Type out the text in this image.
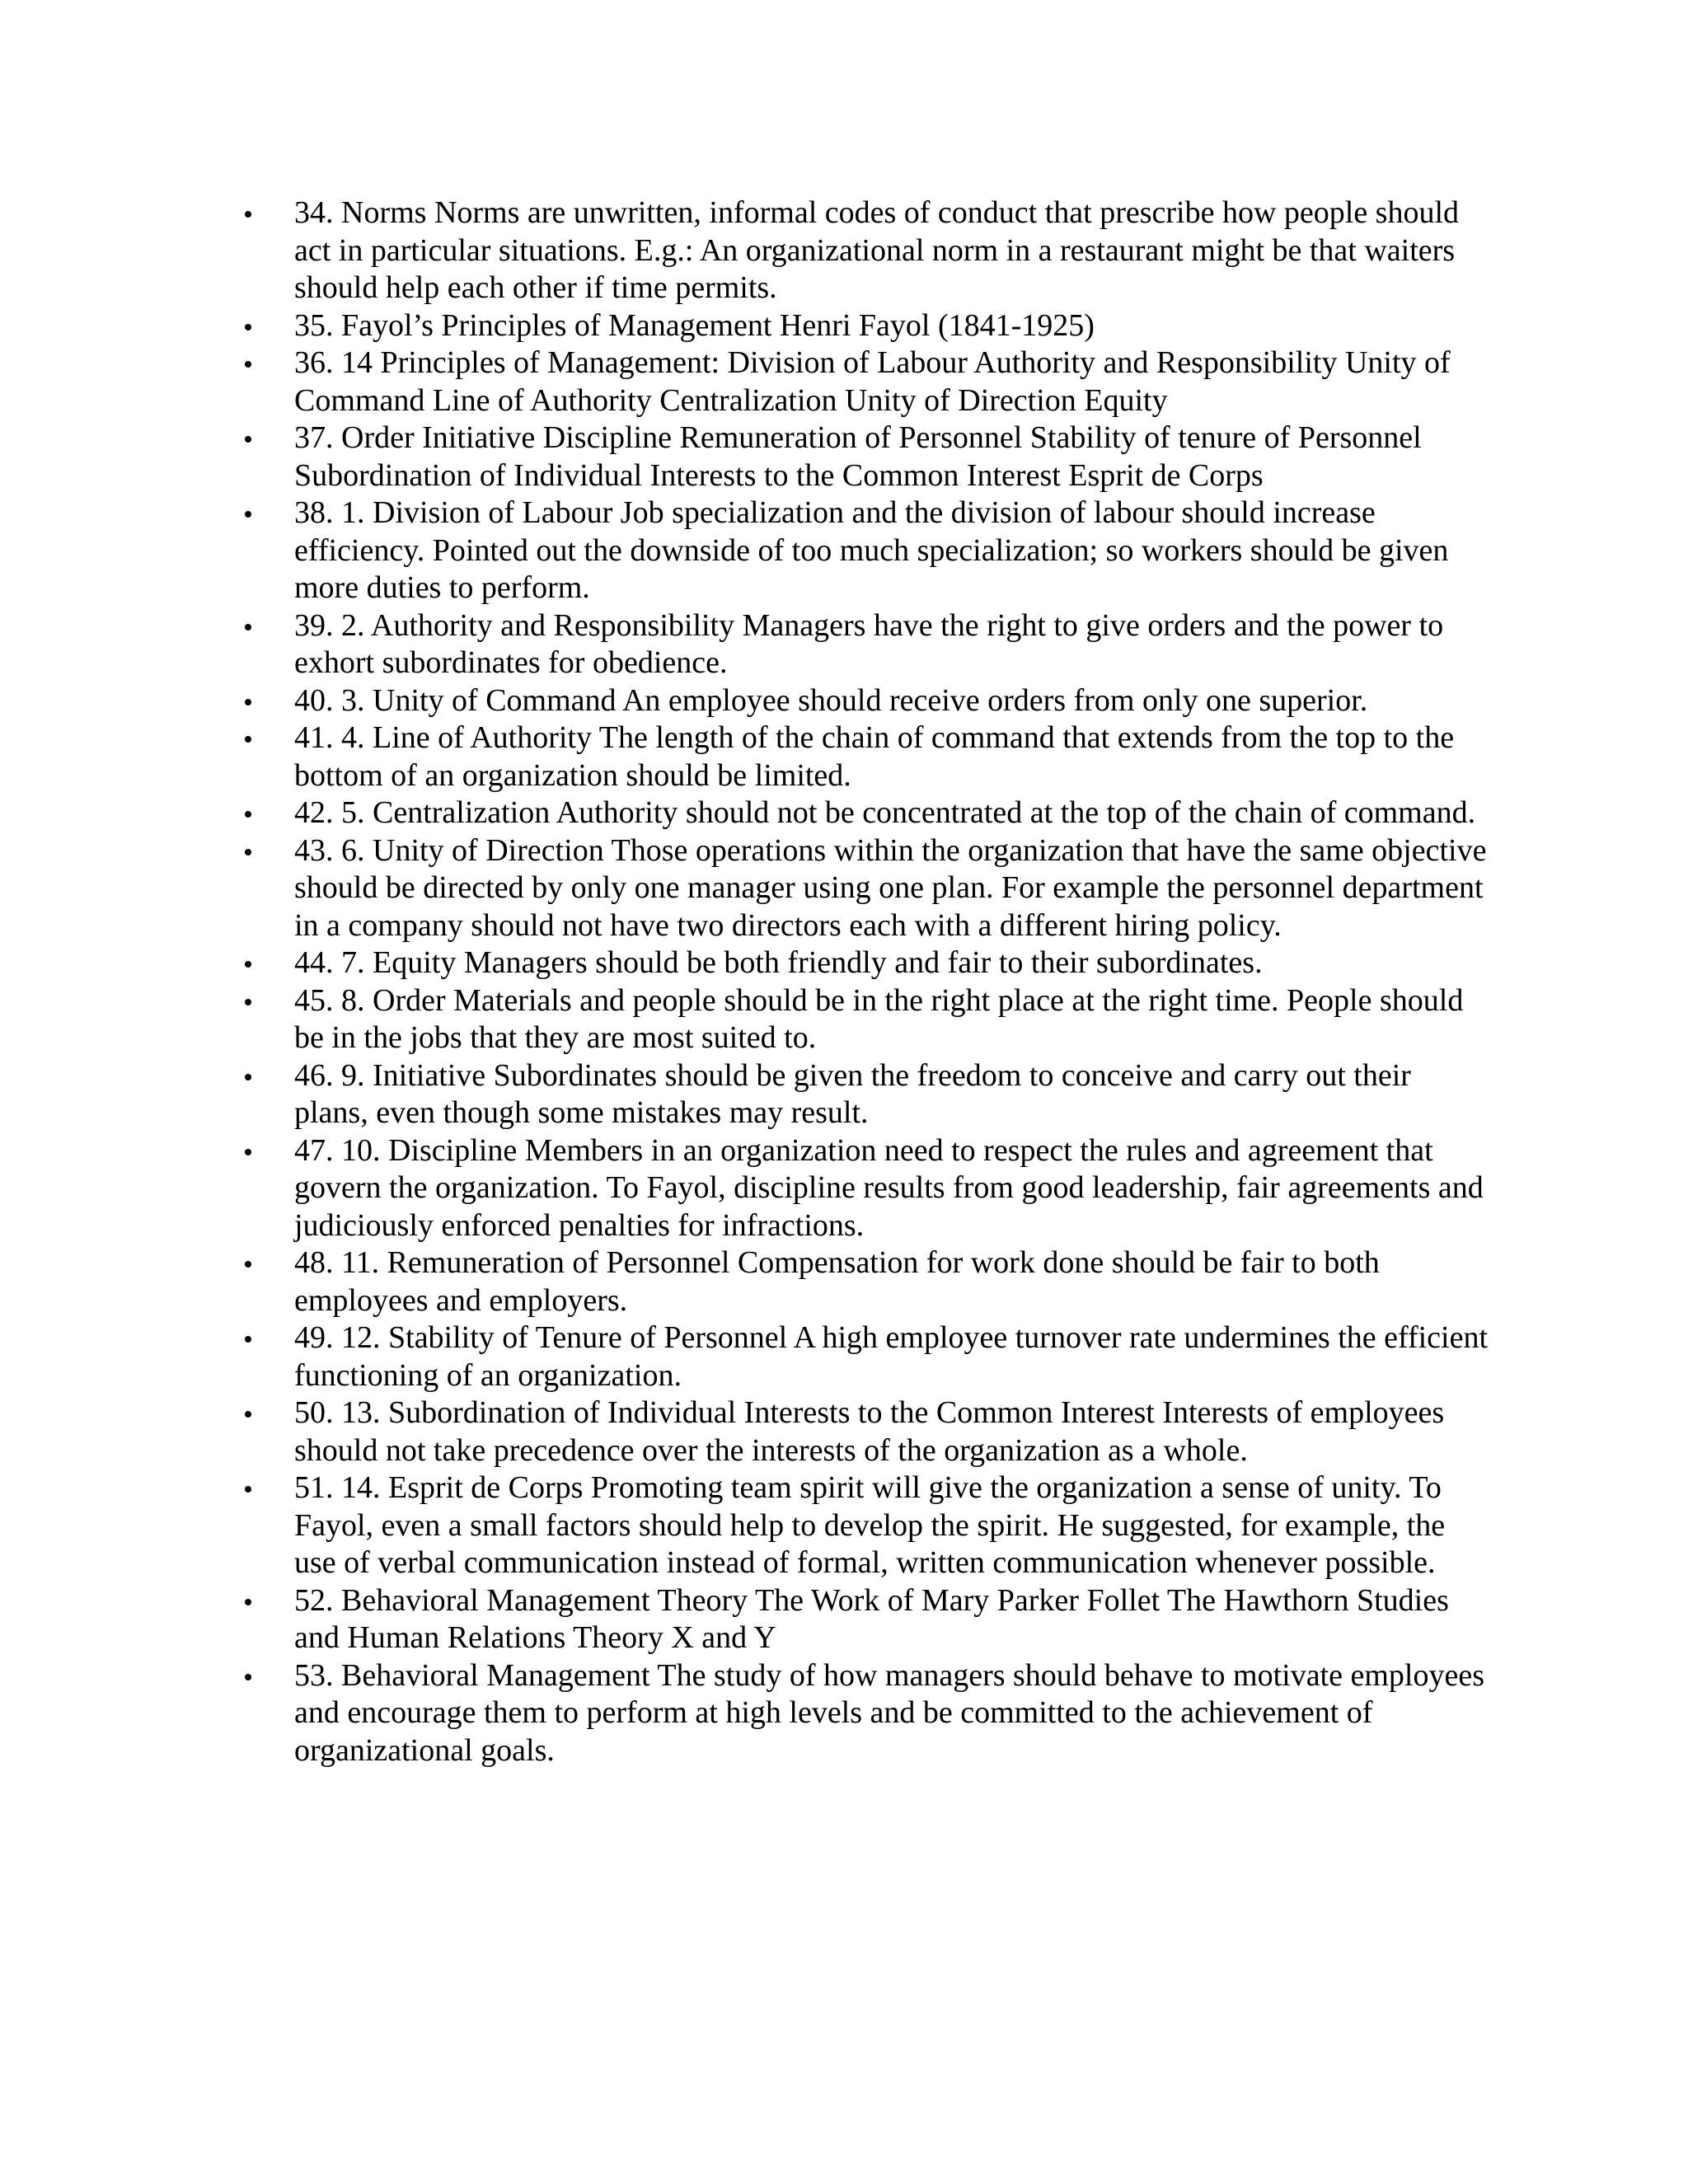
34. Norms Norms are unwritten, informal codes of conduct that prescribe how people should act in particular situations. E.g.: An organizational norm in a restaurant might be that waiters should help each other if time permits.
35. Fayol’s Principles of Management Henri Fayol (1841-1925)
36. 14 Principles of Management: Division of Labour Authority and Responsibility Unity of Command Line of Authority Centralization Unity of Direction Equity
37. Order Initiative Discipline Remuneration of Personnel Stability of tenure of Personnel Subordination of Individual Interests to the Common Interest Esprit de Corps
38. 1. Division of Labour Job specialization and the division of labour should increase efficiency. Pointed out the downside of too much specialization; so workers should be given more duties to perform.
39. 2. Authority and Responsibility Managers have the right to give orders and the power to exhort subordinates for obedience.
40. 3. Unity of Command An employee should receive orders from only one superior.
41. 4. Line of Authority The length of the chain of command that extends from the top to the bottom of an organization should be limited.
42. 5. Centralization Authority should not be concentrated at the top of the chain of command.
43. 6. Unity of Direction Those operations within the organization that have the same objective should be directed by only one manager using one plan. For example the personnel department in a company should not have two directors each with a different hiring policy.
44. 7. Equity Managers should be both friendly and fair to their subordinates.
45. 8. Order Materials and people should be in the right place at the right time. People should be in the jobs that they are most suited to.
46. 9. Initiative Subordinates should be given the freedom to conceive and carry out their plans, even though some mistakes may result.
47. 10. Discipline Members in an organization need to respect the rules and agreement that govern the organization. To Fayol, discipline results from good leadership, fair agreements and judiciously enforced penalties for infractions.
48. 11. Remuneration of Personnel Compensation for work done should be fair to both employees and employers.
49. 12. Stability of Tenure of Personnel A high employee turnover rate undermines the efficient functioning of an organization.
50. 13. Subordination of Individual Interests to the Common Interest Interests of employees should not take precedence over the interests of the organization as a whole.
51. 14. Esprit de Corps Promoting team spirit will give the organization a sense of unity. To Fayol, even a small factors should help to develop the spirit. He suggested, for example, the use of verbal communication instead of formal, written communication whenever possible.
52. Behavioral Management Theory The Work of Mary Parker Follet The Hawthorn Studies and Human Relations Theory X and Y
53. Behavioral Management The study of how managers should behave to motivate employees and encourage them to perform at high levels and be committed to the achievement of organizational goals.
